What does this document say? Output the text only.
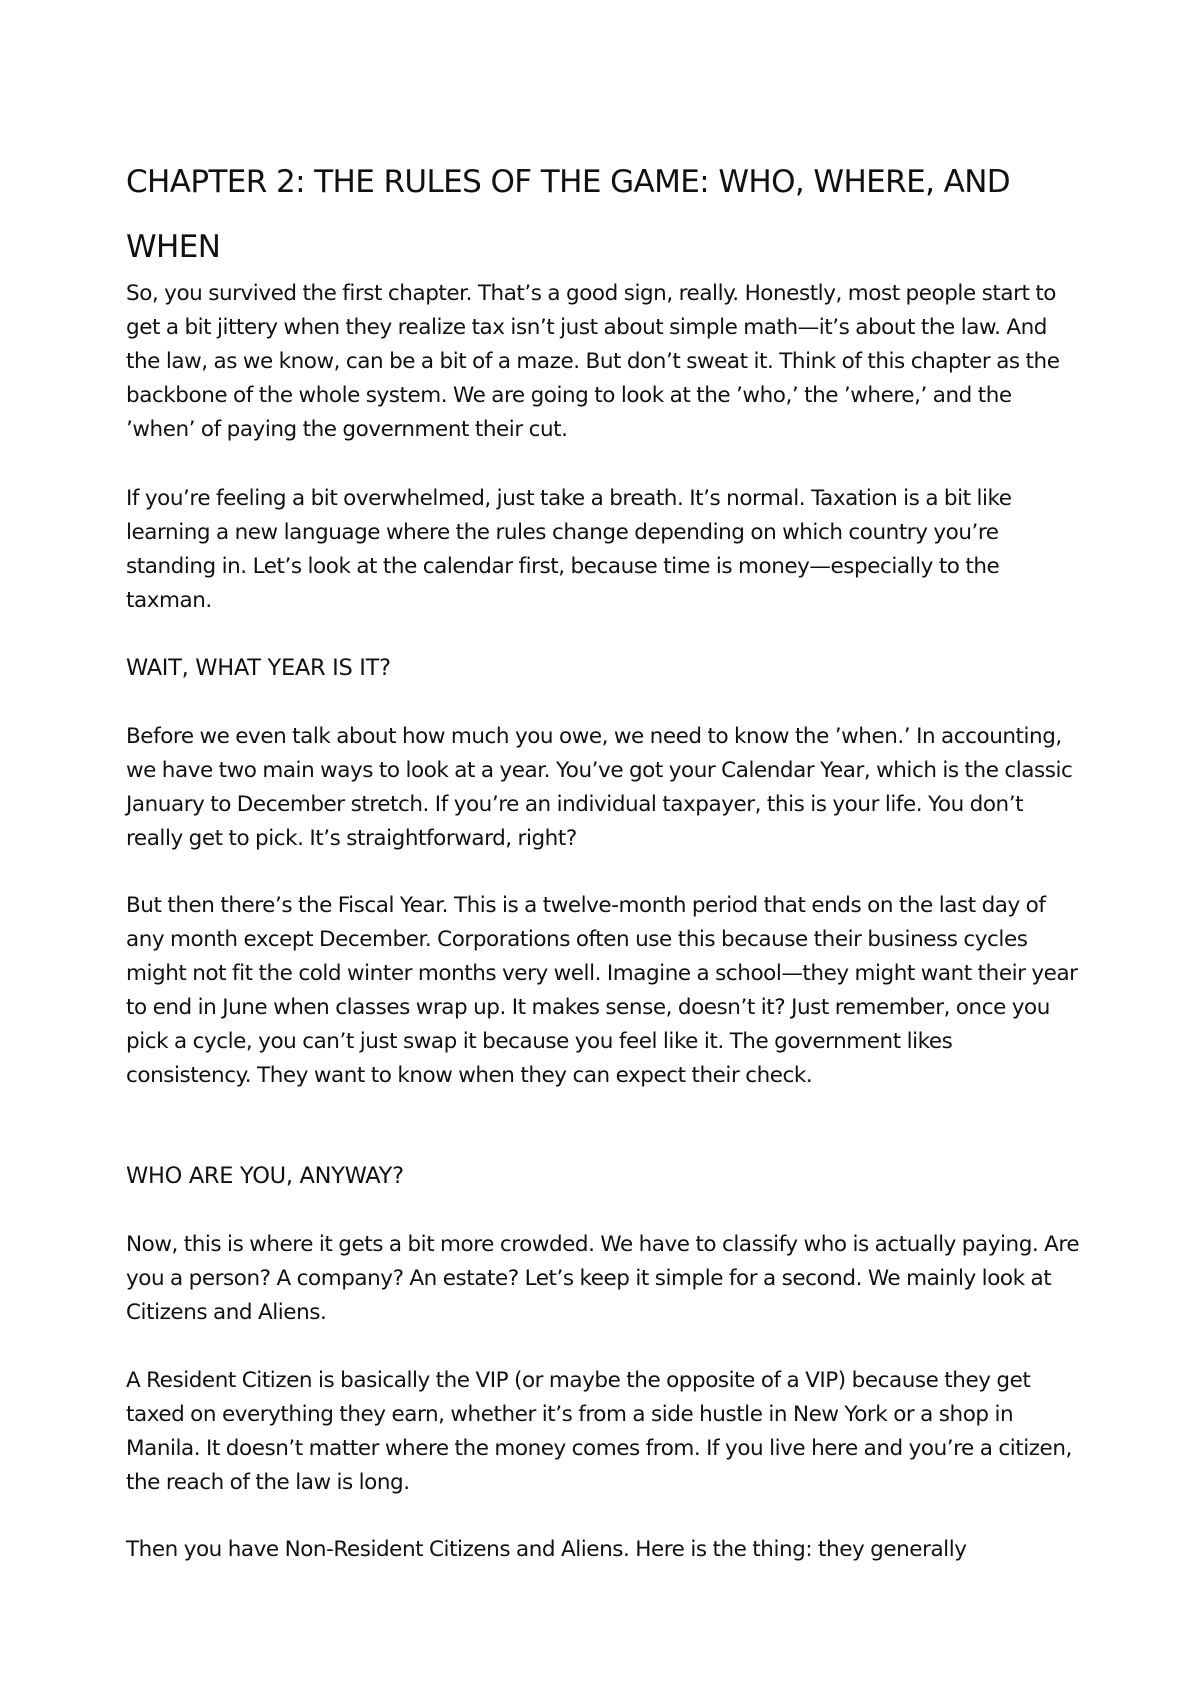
CHAPTER 2: THE RULES OF THE GAME: WHO, WHERE, AND WHEN

So, you survived the first chapter. That’s a good sign, really. Honestly, most people start to get a bit jittery when they realize tax isn’t just about simple math—it’s about the law. And the law, as we know, can be a bit of a maze. But don’t sweat it. Think of this chapter as the backbone of the whole system. We are going to look at the ’who,’ the ’where,’ and the ’when’ of paying the government their cut.

If you’re feeling a bit overwhelmed, just take a breath. It’s normal. Taxation is a bit like learning a new language where the rules change depending on which country you’re standing in. Let’s look at the calendar first, because time is money—especially to the taxman.

WAIT, WHAT YEAR IS IT?

Before we even talk about how much you owe, we need to know the ’when.’ In accounting, we have two main ways to look at a year. You’ve got your Calendar Year, which is the classic January to December stretch. If you’re an individual taxpayer, this is your life. You don’t really get to pick. It’s straightforward, right?

But then there’s the Fiscal Year. This is a twelve-month period that ends on the last day of any month except December. Corporations often use this because their business cycles might not fit the cold winter months very well. Imagine a school—they might want their year to end in June when classes wrap up. It makes sense, doesn’t it? Just remember, once you pick a cycle, you can’t just swap it because you feel like it. The government likes consistency. They want to know when they can expect their check.

WHO ARE YOU, ANYWAY?

Now, this is where it gets a bit more crowded. We have to classify who is actually paying. Are you a person? A company? An estate? Let’s keep it simple for a second. We mainly look at Citizens and Aliens.

A Resident Citizen is basically the VIP (or maybe the opposite of a VIP) because they get taxed on everything they earn, whether it’s from a side hustle in New York or a shop in Manila. It doesn’t matter where the money comes from. If you live here and you’re a citizen, the reach of the law is long.

Then you have Non-Resident Citizens and Aliens. Here is the thing: they generally
